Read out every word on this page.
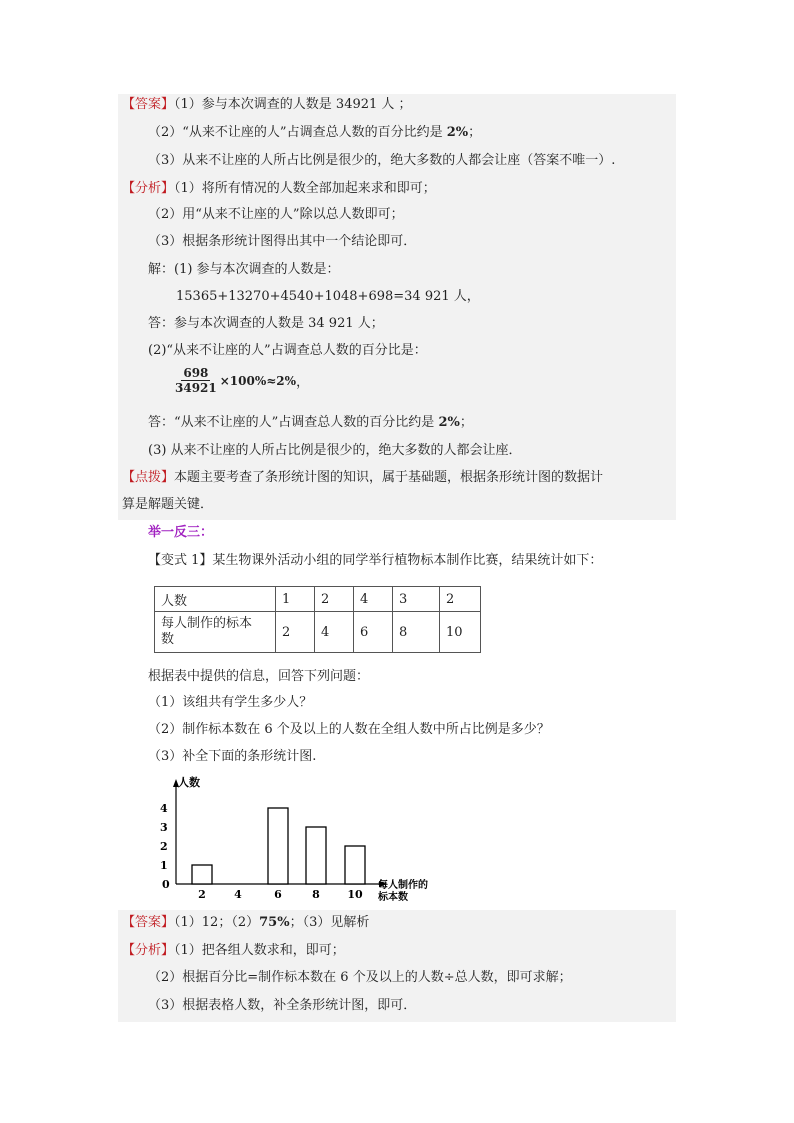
【答案】（1）参与本次调查的人数是 34921 人 ；
（2）“从来不让座的人”占调查总人数的百分比约是 2%；
（3）从来不让座的人所占比例是很少的，绝大多数的人都会让座（答案不唯一）.
【分析】（1）将所有情况的人数全部加起来求和即可；
（2）用“从来不让座的人”除以总人数即可；
（3）根据条形统计图得出其中一个结论即可．
解：(1) 参与本次调查的人数是：
15365+13270+4540+1048+698=34 921 人，
答：参与本次调查的人数是 34 921 人；
(2)“从来不让座的人”占调查总人数的百分比是：
$\frac{698}{34921} \times 100\%\approx 2\%$ ，
答：“从来不让座的人”占调查总人数的百分比约是 2%；
(3) 从来不让座的人所占比例是很少的，绝大多数的人都会让座．
【点拨】本题主要考查了条形统计图的知识，属于基础题，根据条形统计图的数据计
算是解题关键．
举一反三：
【变式 1】某生物课外活动小组的同学举行植物标本制作比赛，结果统计如下：
人数	1	2	4	3	2

每人制作的标本
数	2	4	6	8	10
根据表中提供的信息，回答下列问题：
（1）该组共有学生多少人？
（2）制作标本数在 6 个及以上的人数在全组人数中所占比例是多少？
（3）补全下面的条形统计图.
人数
0	每人制作的
标本数
1
2
3
4
2	4	6	8	10
【答案】（1）12；（2）75%；（3）见解析
【分析】（1）把各组人数求和，即可；
（2）根据百分比=制作标本数在 6 个及以上的人数÷总人数，即可求解；
（3）根据表格人数，补全条形统计图，即可．
